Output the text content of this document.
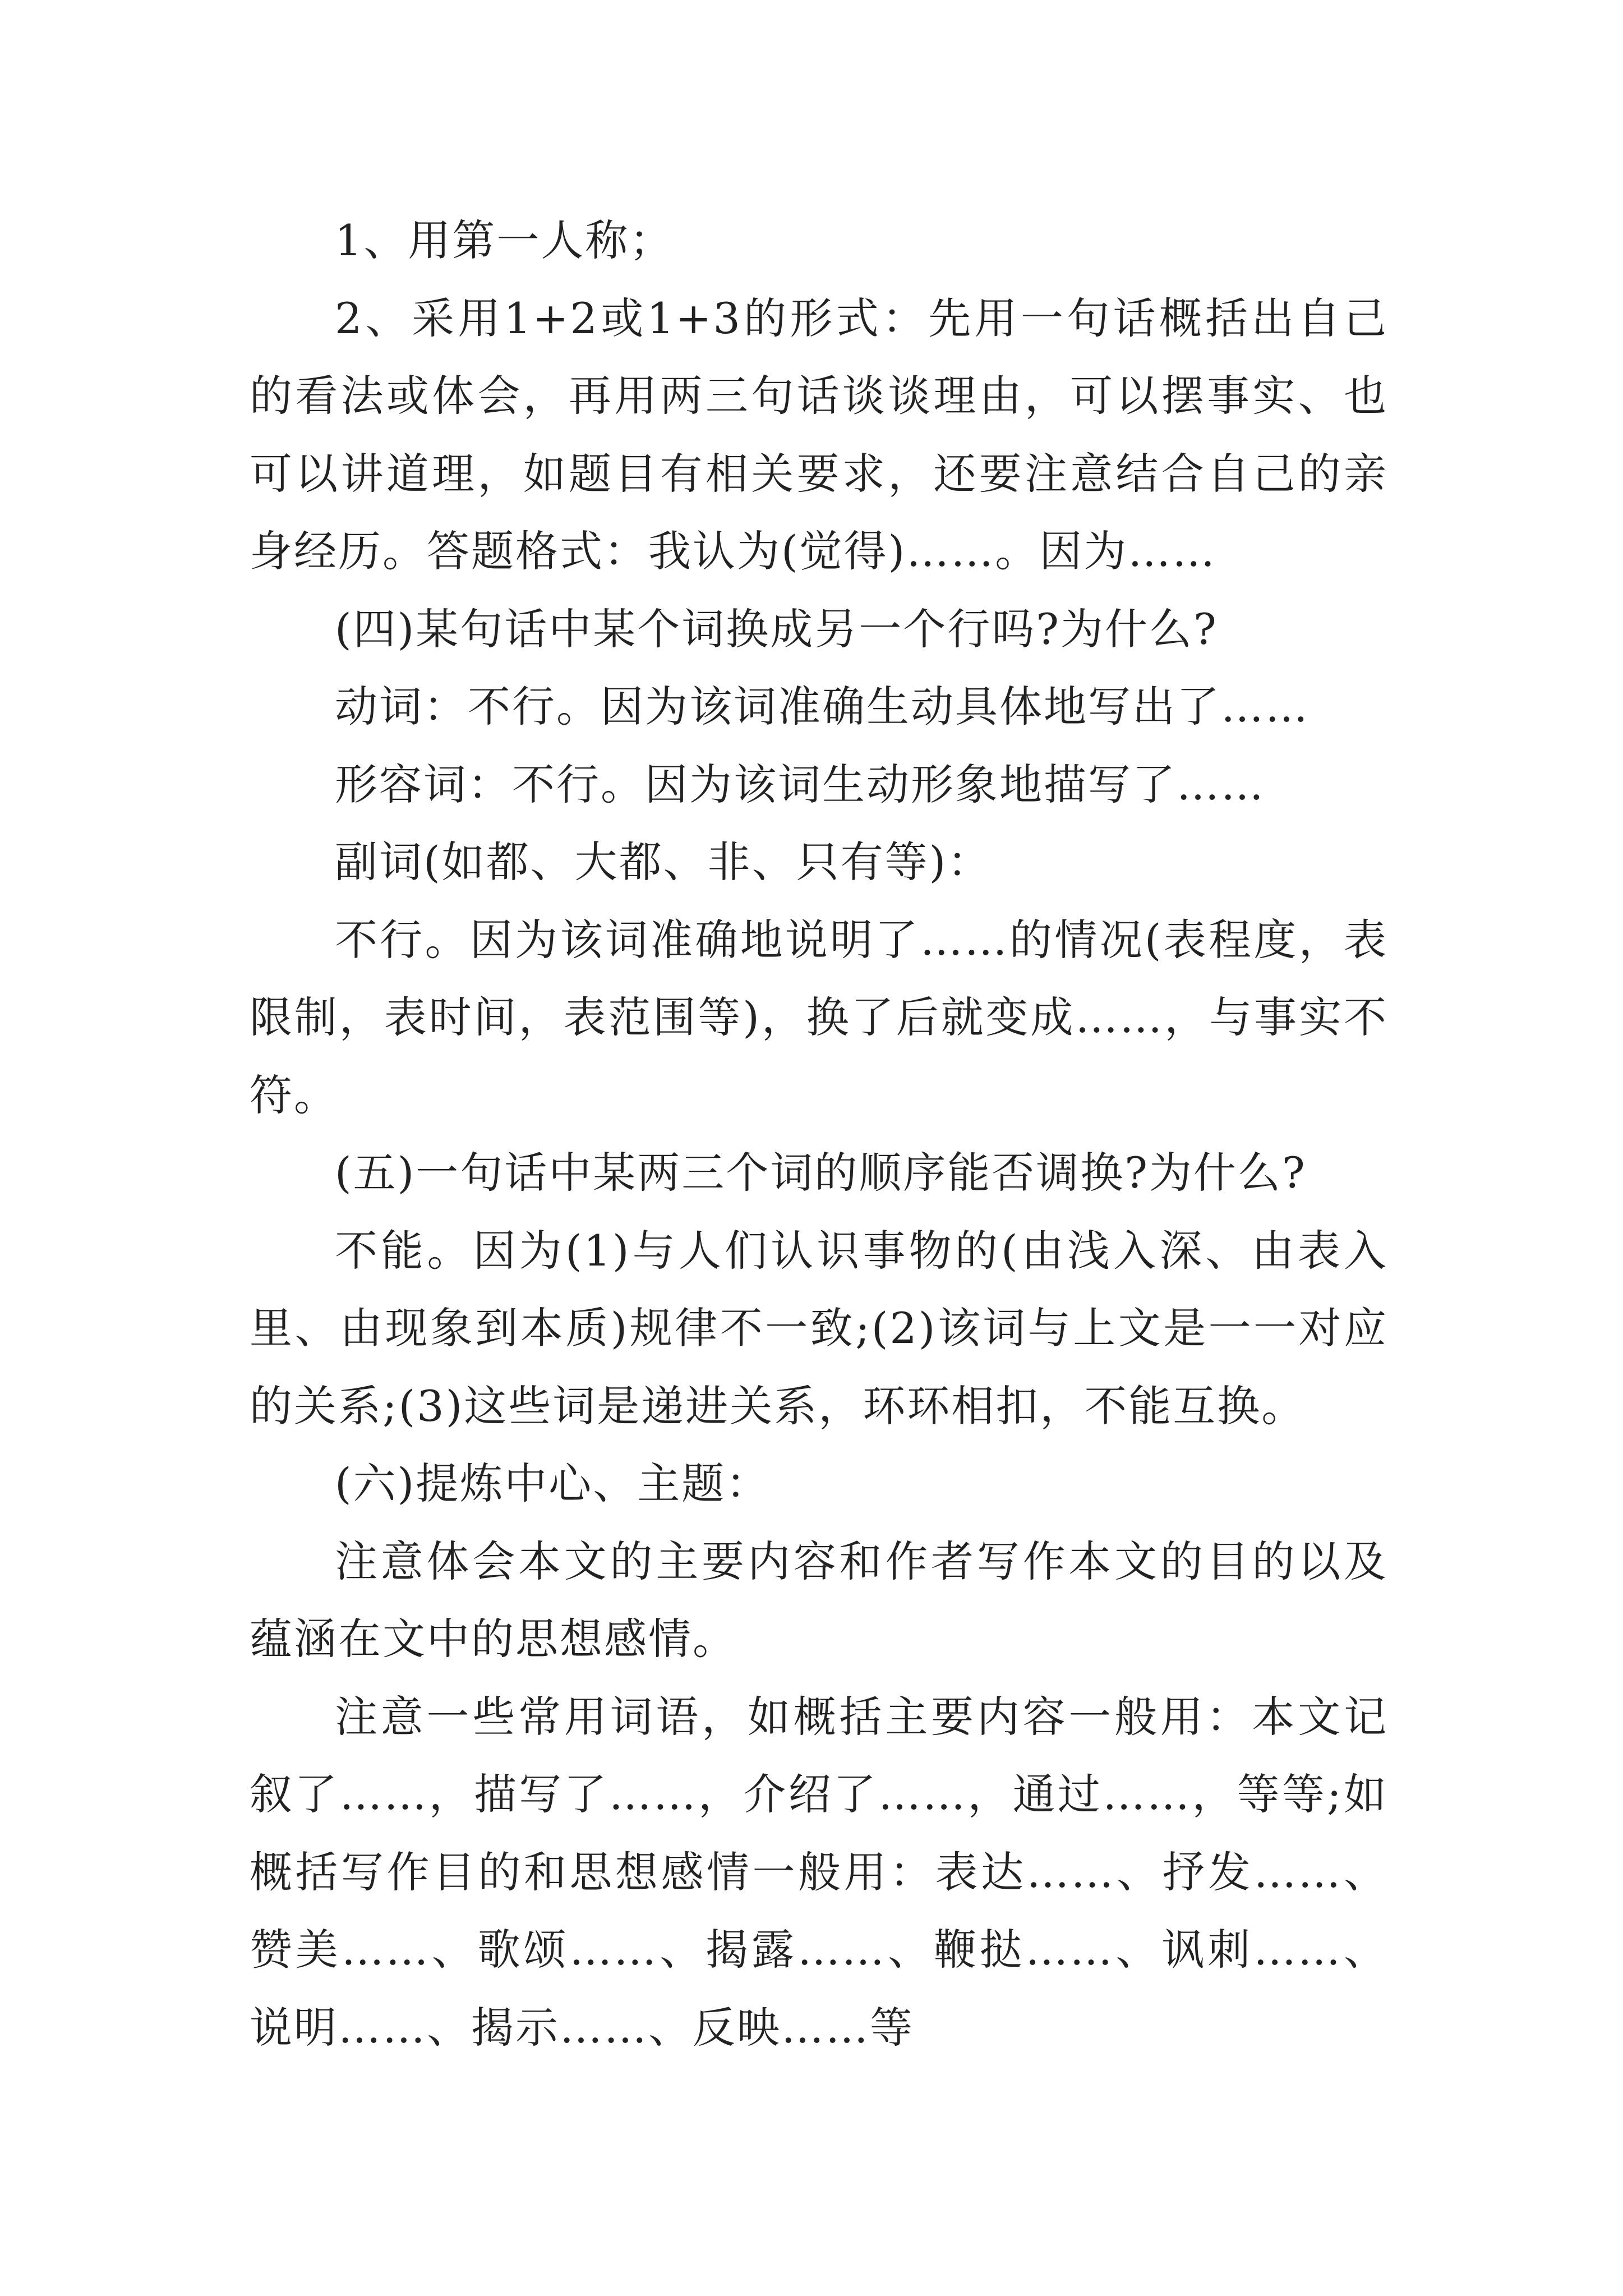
1、用第一人称；

2、采用1+2或1+3的形式：先用一句话概括出自己的看法或体会，再用两三句话谈谈理由，可以摆事实、也可以讲道理，如题目有相关要求，还要注意结合自己的亲身经历。答题格式：我认为(觉得)……。因为……

(四)某句话中某个词换成另一个行吗?为什么?

动词：不行。因为该词准确生动具体地写出了……

形容词：不行。因为该词生动形象地描写了……

副词(如都、大都、非、只有等)：

不行。因为该词准确地说明了……的情况(表程度，表限制，表时间，表范围等)，换了后就变成……，与事实不符。

(五)一句话中某两三个词的顺序能否调换?为什么?

不能。因为(1)与人们认识事物的(由浅入深、由表入里、由现象到本质)规律不一致;(2)该词与上文是一一对应的关系;(3)这些词是递进关系，环环相扣，不能互换。

(六)提炼中心、主题：

注意体会本文的主要内容和作者写作本文的目的以及蕴涵在文中的思想感情。

注意一些常用词语，如概括主要内容一般用：本文记叙了……，描写了……，介绍了……，通过……，等等;如概括写作目的和思想感情一般用：表达……、抒发……、赞美……、歌颂……、揭露……、鞭挞……、讽刺……、说明……、揭示……、反映……等
